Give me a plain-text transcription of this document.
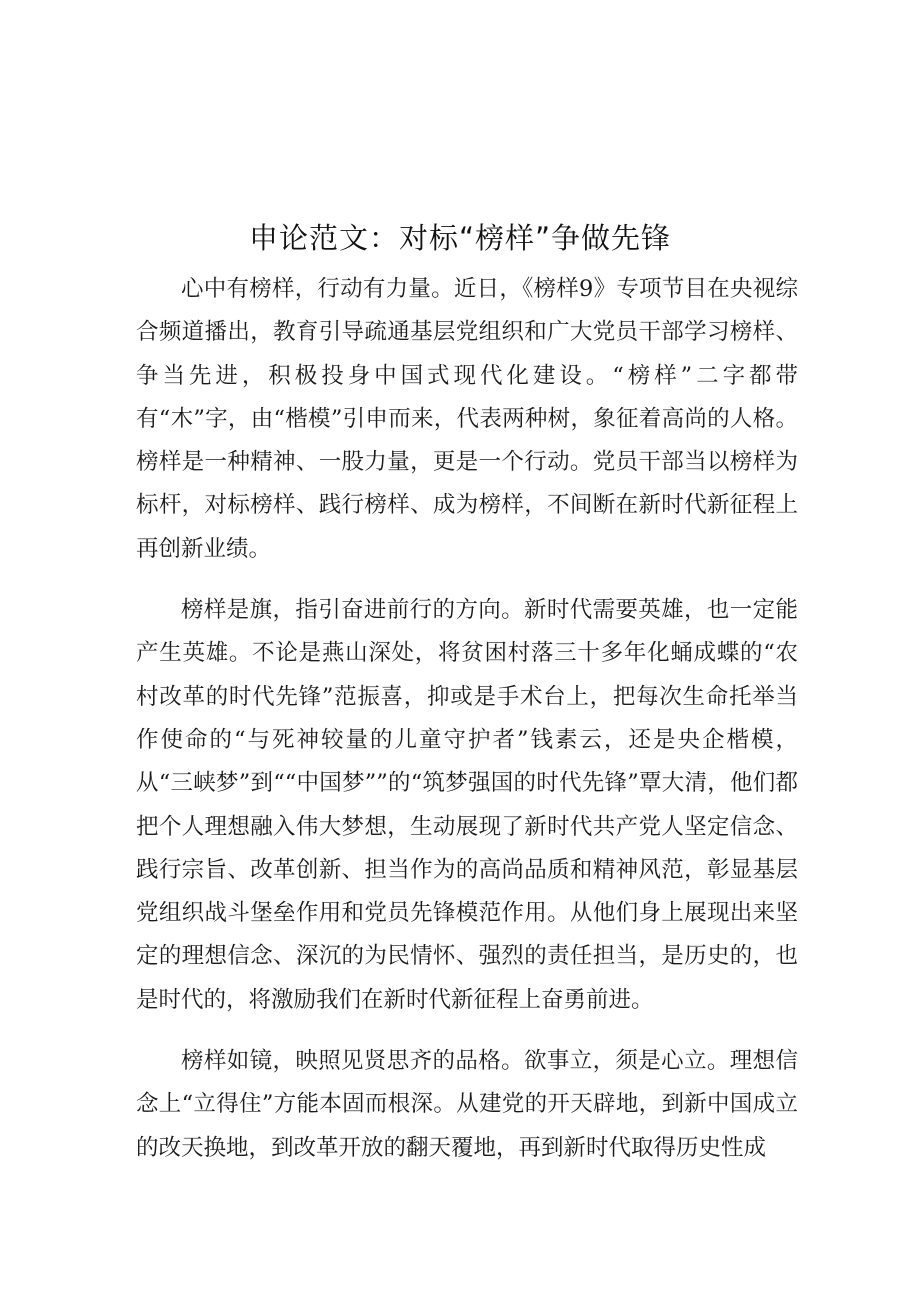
申论范文：对标“榜样”争做先锋

心中有榜样，行动有力量。近日，《榜样9》专项节目在央视综合频道播出，教育引导疏通基层党组织和广大党员干部学习榜样、争当先进，积极投身中国式现代化建设。“榜样”二字都带有“木”字，由“楷模”引申而来，代表两种树，象征着高尚的人格。榜样是一种精神、一股力量，更是一个行动。党员干部当以榜样为标杆，对标榜样、践行榜样、成为榜样，不间断在新时代新征程上再创新业绩。

榜样是旗，指引奋进前行的方向。新时代需要英雄，也一定能产生英雄。不论是燕山深处，将贫困村落三十多年化蛹成蝶的“农村改革的时代先锋”范振喜，抑或是手术台上，把每次生命托举当作使命的“与死神较量的儿童守护者”钱素云，还是央企楷模，从“三峡梦”到““中国梦””的“筑梦强国的时代先锋”覃大清，他们都把个人理想融入伟大梦想，生动展现了新时代共产党人坚定信念、践行宗旨、改革创新、担当作为的高尚品质和精神风范，彰显基层党组织战斗堡垒作用和党员先锋模范作用。从他们身上展现出来坚定的理想信念、深沉的为民情怀、强烈的责任担当，是历史的，也是时代的，将激励我们在新时代新征程上奋勇前进。

榜样如镜，映照见贤思齐的品格。欲事立，须是心立。理想信念上“立得住”方能本固而根深。从建党的开天辟地，到新中国成立的改天换地，到改革开放的翻天覆地，再到新时代取得历史性成
